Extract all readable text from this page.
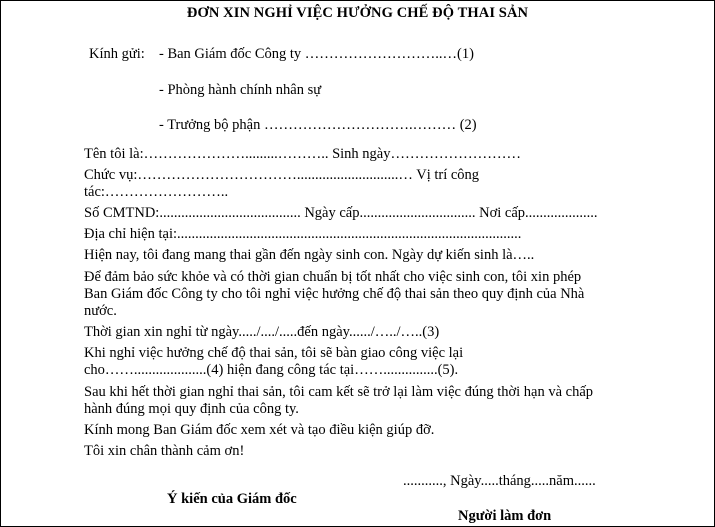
ĐƠN XIN NGHỈ VIỆC HƯỞNG CHẾ ĐỘ THAI SẢN
Kính gửi: - Ban Giám đốc Công ty ………………………..…(1)
- Phòng hành chính nhân sự
- Trưởng bộ phận ………………………….……… (2)
Tên tôi là:………………….........……….. Sinh ngày………………………
Chức vụ:……………………………............................… Vị trí công
tác:……………………..
Số CMTND:....................................... Ngày cấp................................ Nơi cấp....................
Địa chỉ hiện tại:...............................................................................................
Hiện nay, tôi đang mang thai gần đến ngày sinh con. Ngày dự kiến sinh là…..
Để đảm bảo sức khỏe và có thời gian chuẩn bị tốt nhất cho việc sinh con, tôi xin phép
Ban Giám đốc Công ty cho tôi nghỉ việc hưởng chế độ thai sản theo quy định của Nhà
nước.
Thời gian xin nghỉ từ ngày...../..../.....đến ngày....../…../…..(3)
Khi nghỉ việc hưởng chế độ thai sản, tôi sẽ bàn giao công việc lại
cho……....................(4) hiện đang công tác tại……...............(5).
Sau khi hết thời gian nghỉ thai sản, tôi cam kết sẽ trở lại làm việc đúng thời hạn và chấp
hành đúng mọi quy định của công ty.
Kính mong Ban Giám đốc xem xét và tạo điều kiện giúp đỡ.
Tôi xin chân thành cảm ơn!
..........., Ngày.....tháng.....năm......
Ý kiến của Giám đốc
Người làm đơn
